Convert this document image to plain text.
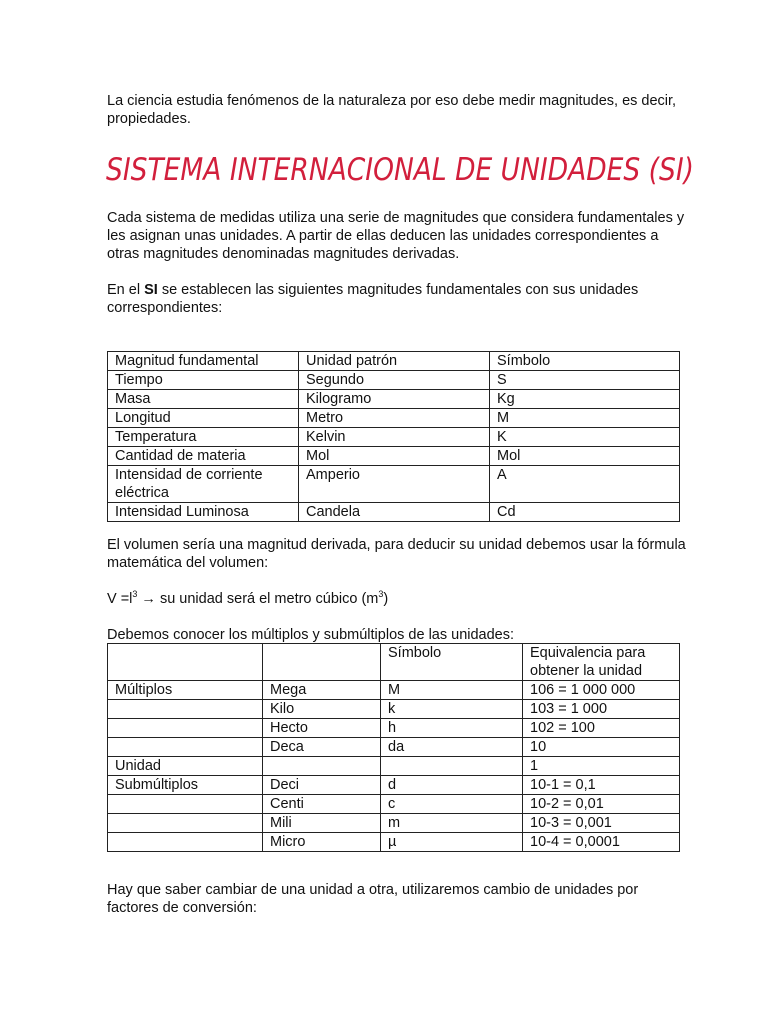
La ciencia estudia fenómenos de la naturaleza por eso debe medir magnitudes, es decir, propiedades.

SISTEMA INTERNACIONAL DE UNIDADES (SI)

Cada sistema de medidas utiliza una serie de magnitudes que considera fundamentales y les asignan unas unidades. A partir de ellas deducen las unidades correspondientes a otras magnitudes denominadas magnitudes derivadas.

En el SI se establecen las siguientes magnitudes fundamentales con sus unidades correspondientes:

Magnitud fundamental	Unidad patrón	Símbolo
Tiempo	Segundo	S
Masa	Kilogramo	Kg
Longitud	Metro	M
Temperatura	Kelvin	K
Cantidad de materia	Mol	Mol
Intensidad de corriente eléctrica	Amperio	A
Intensidad Luminosa	Candela	Cd

El volumen sería una magnitud derivada, para deducir su unidad debemos usar la fórmula matemática del volumen:

$V =l^3$ → su unidad será el metro cúbico $(m^3)$

Debemos conocer los múltiplos y submúltiplos de las unidades:

		Símbolo	Equivalencia para obtener la unidad
Múltiplos	Mega	M	106 = 1 000 000
	Kilo	k	103 = 1 000
	Hecto	h	102 = 100
	Deca	da	10
Unidad			1
Submúltiplos	Deci	d	10-1 = 0,1
	Centi	c	10-2 = 0,01
	Mili	m	10-3 = 0,001
	Micro	µ	10-4 = 0,0001

Hay que saber cambiar de una unidad a otra, utilizaremos cambio de unidades por factores de conversión:
